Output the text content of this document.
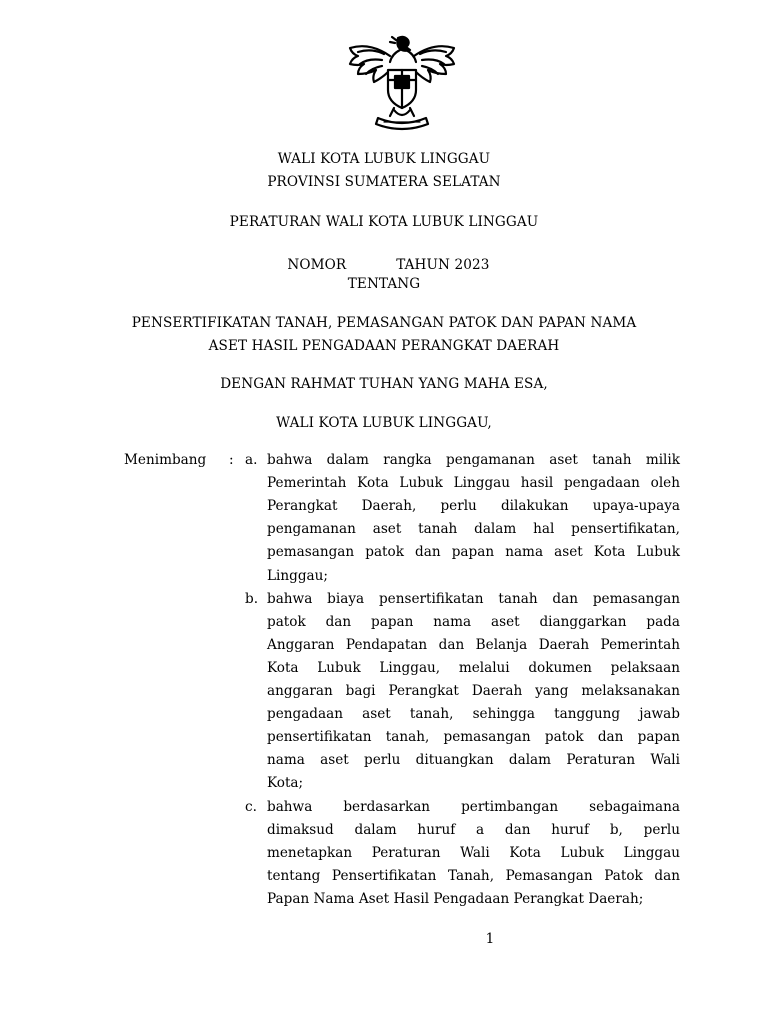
WALI KOTA LUBUK LINGGAU
PROVINSI SUMATERA SELATAN
PERATURAN WALI KOTA LUBUK LINGGAU

NOMOR	TAHUN 2023

TENTANG
PENSERTIFIKATAN TANAH, PEMASANGAN PATOK DAN PAPAN NAMA
ASET HASIL PENGADAAN PERANGKAT DAERAH
DENGAN RAHMAT TUHAN YANG MAHA ESA,
WALI KOTA LUBUK LINGGAU,
Menimbang : a. bahwa dalam rangka pengamanan aset tanah milik
Pemerintah Kota Lubuk Linggau hasil pengadaan oleh
Perangkat Daerah, perlu dilakukan upaya-upaya
pengamanan aset tanah dalam hal pensertifikatan,
pemasangan patok dan papan nama aset Kota Lubuk
Linggau;
b. bahwa biaya pensertifikatan tanah dan pemasangan
patok dan papan nama aset dianggarkan pada
Anggaran Pendapatan dan Belanja Daerah Pemerintah
Kota Lubuk Linggau, melalui dokumen pelaksaan
anggaran bagi Perangkat Daerah yang melaksanakan
pengadaan aset tanah, sehingga tanggung jawab
pensertifikatan tanah, pemasangan patok dan papan
nama aset perlu dituangkan dalam Peraturan Wali
Kota;
c. bahwa berdasarkan pertimbangan sebagaimana
dimaksud dalam huruf a dan huruf b, perlu
menetapkan Peraturan Wali Kota Lubuk Linggau
tentang Pensertifikatan Tanah, Pemasangan Patok dan
Papan Nama Aset Hasil Pengadaan Perangkat Daerah;
1
